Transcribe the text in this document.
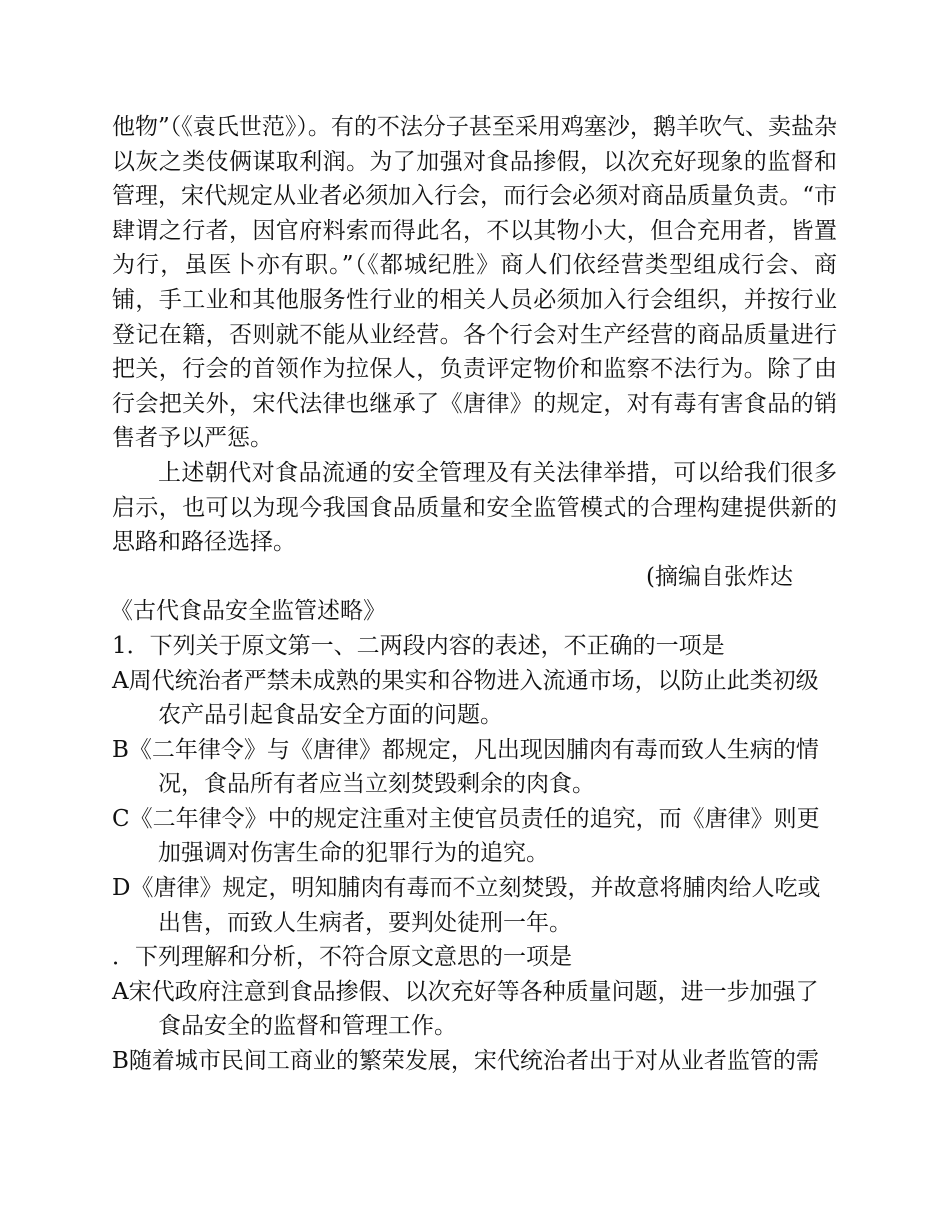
他物”（《袁氏世范》）。有的不法分子甚至采用鸡塞沙，鹅羊吹气、卖盐杂以灰之类伎俩谋取利润。为了加强对食品掺假，以次充好现象的监督和管理，宋代规定从业者必须加入行会，而行会必须对商品质量负责。“市肆谓之行者，因官府料索而得此名，不以其物小大，但合充用者，皆置为行，虽医卜亦有职。”（《都城纪胜》商人们依经营类型组成行会、商铺，手工业和其他服务性行业的相关人员必须加入行会组织，并按行业登记在籍，否则就不能从业经营。各个行会对生产经营的商品质量进行把关，行会的首领作为拉保人，负责评定物价和监察不法行为。除了由行会把关外，宋代法律也继承了《唐律》的规定，对有毒有害食品的销售者予以严惩。

上述朝代对食品流通的安全管理及有关法律举措，可以给我们很多启示，也可以为现今我国食品质量和安全监管模式的合理构建提供新的思路和路径选择。

(摘编自张炸达

《古代食品安全监管述略》

1．下列关于原文第一、二两段内容的表述，不正确的一项是

A周代统治者严禁未成熟的果实和谷物进入流通市场，以防止此类初级农产品引起食品安全方面的问题。

B《二年律令》与《唐律》都规定，凡出现因脯肉有毒而致人生病的情况，食品所有者应当立刻焚毁剩余的肉食。

C《二年律令》中的规定注重对主使官员责任的追究，而《唐律》则更加强调对伤害生命的犯罪行为的追究。

D《唐律》规定，明知脯肉有毒而不立刻焚毁，并故意将脯肉给人吃或出售，而致人生病者，要判处徒刑一年。

．下列理解和分析，不符合原文意思的一项是

A宋代政府注意到食品掺假、以次充好等各种质量问题，进一步加强了食品安全的监督和管理工作。

B随着城市民间工商业的繁荣发展，宋代统治者出于对从业者监管的需
